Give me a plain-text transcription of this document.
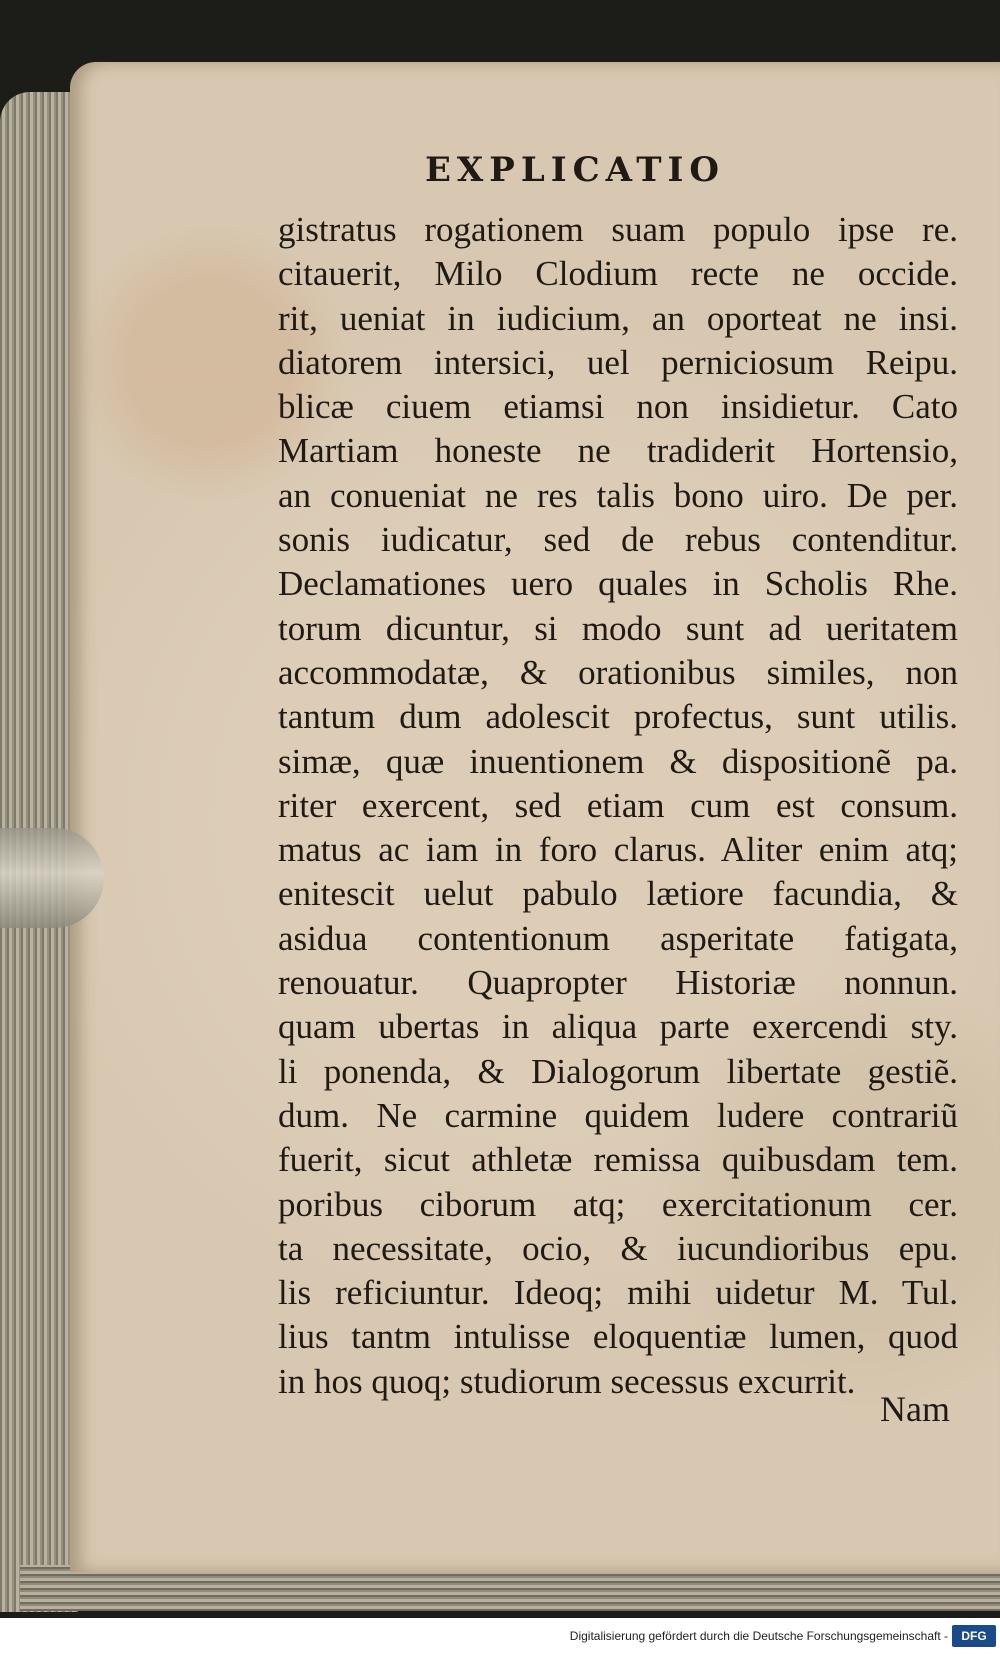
EXPLICATIO
gistratus rogationem suam populo ipse re.
citauerit, Milo Clodium recte ne occide.
rit, ueniat in iudicium, an oporteat ne insi.
diatorem intersici, uel perniciosum Reipu.
blicæ ciuem etiamsi non insidietur. Cato
Martiam honeste ne tradiderit Hortensio,
an conueniat ne res talis bono uiro. De per.
sonis iudicatur, sed de rebus contenditur.
Declamationes uero quales in Scholis Rhe.
torum dicuntur, si modo sunt ad ueritatem
accommodatæ, & orationibus similes, non
tantum dum adolescit profectus, sunt utilis.
simæ, quæ inuentionem & dispositionẽ pa.
riter exercent, sed etiam cum est consum.
matus ac iam in foro clarus. Aliter enim atq;
enitescit uelut pabulo lætiore facundia, &
asidua contentionum asperitate fatigata,
renouatur. Quapropter Historiæ nonnun.
quam ubertas in aliqua parte exercendi sty.
li ponenda, & Dialogorum libertate gestiẽ.
dum. Ne carmine quidem ludere contrariũ
fuerit, sicut athletæ remissa quibusdam tem.
poribus ciborum atq; exercitationum cer.
ta necessitate, ocio, & iucundioribus epu.
lis reficiuntur. Ideoq; mihi uidetur M. Tul.
lius tantm intulisse eloquentiæ lumen, quod
in hos quoq; studiorum secessus excurrit.
Nam
Digitalisierung gefördert durch die Deutsche Forschungsgemeinschaft -	DFG
